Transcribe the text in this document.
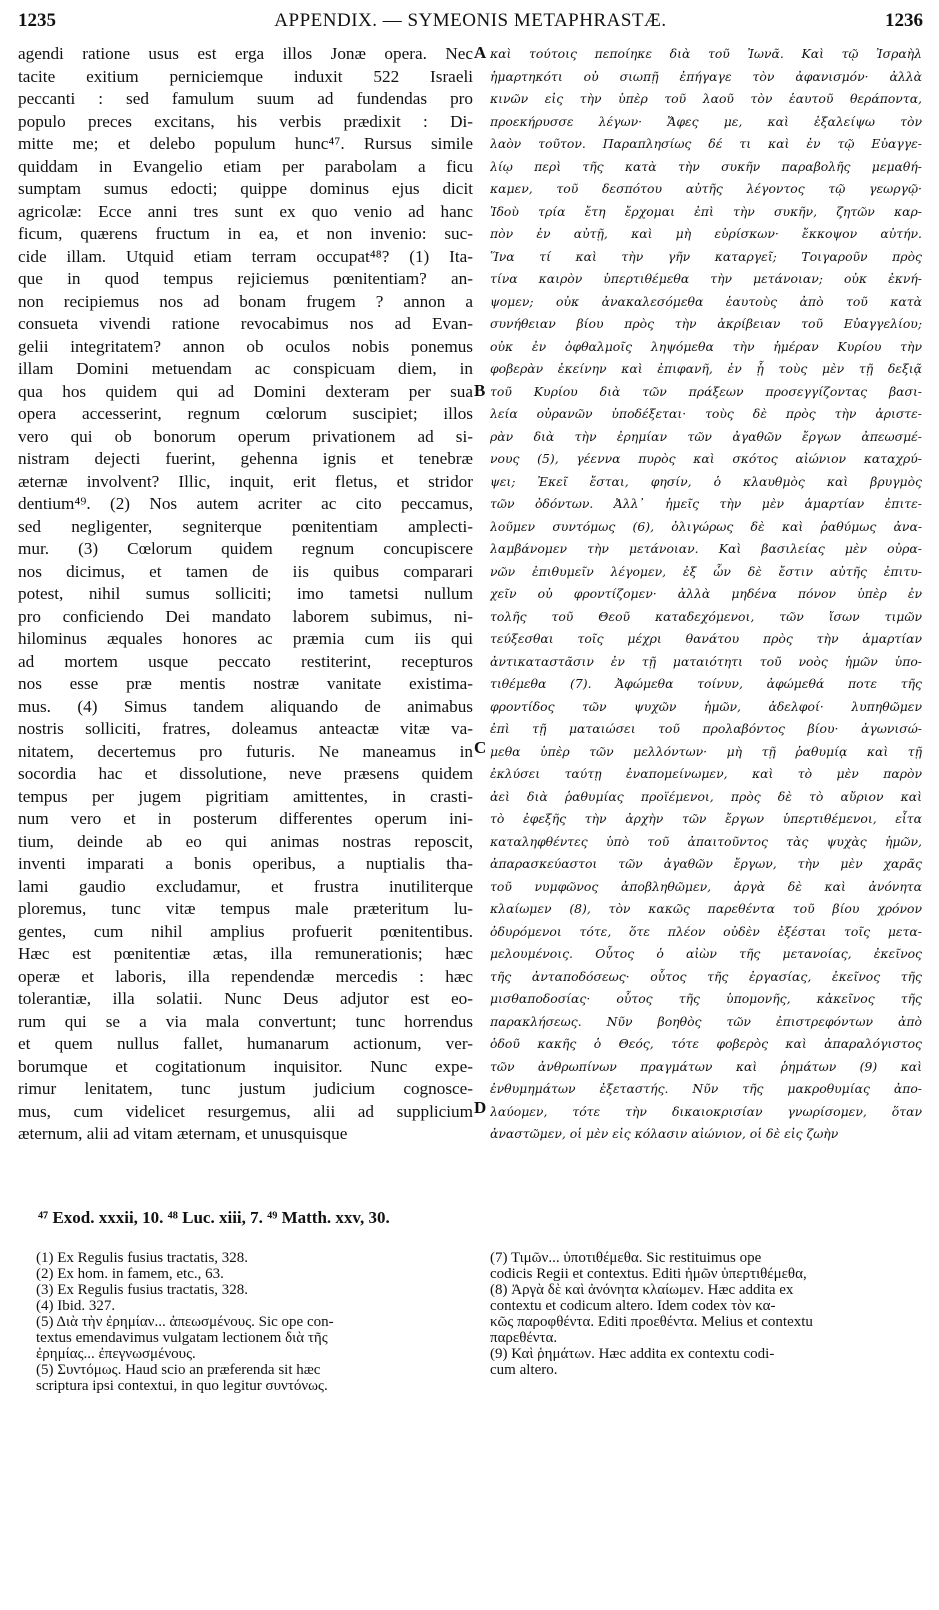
1235	APPENDIX. — SYMEONIS METAPHRASTÆ.	1236
agendi ratione usus est erga illos Jonæ opera. Nec
tacite exitium perniciemque induxit 522 Israeli
peccanti : sed famulum suum ad fundendas pro
populo preces excitans, his verbis prædixit : Di-
mitte me; et delebo populum hunc⁴⁷. Rursus simile
quiddam in Evangelio etiam per parabolam a ficu
sumptam sumus edocti; quippe dominus ejus dicit
agricolæ: Ecce anni tres sunt ex quo venio ad hanc
ficum, quærens fructum in ea, et non invenio: suc-
cide illam. Utquid etiam terram occupat⁴⁸? (1) Ita-
que in quod tempus rejiciemus pœnitentiam? an-
non recipiemus nos ad bonam frugem ? annon a
consueta vivendi ratione revocabimus nos ad Evan-
gelii integritatem? annon ob oculos nobis ponemus
illam Domini metuendam ac conspicuam diem, in
qua hos quidem qui ad Domini dexteram per sua
opera accesserint, regnum cœlorum suscipiet; illos
vero qui ob bonorum operum privationem ad si-
nistram dejecti fuerint, gehenna ignis et tenebræ
æternæ involvent? Illic, inquit, erit fletus, et stridor
dentium⁴⁹. (2) Nos autem acriter ac cito peccamus,
sed negligenter, segniterque pœnitentiam amplecti-
mur. (3) Cœlorum quidem regnum concupiscere
nos dicimus, et tamen de iis quibus comparari
potest, nihil sumus solliciti; imo tametsi nullum
pro conficiendo Dei mandato laborem subimus, ni-
hilominus æquales honores ac præmia cum iis qui
ad mortem usque peccato restiterint, recepturos
nos esse præ mentis nostræ vanitate existima-
mus. (4) Simus tandem aliquando de animabus
nostris solliciti, fratres, doleamus anteactæ vitæ va-
nitatem, decertemus pro futuris. Ne maneamus in
socordia hac et dissolutione, neve præsens quidem
tempus per jugem pigritiam amittentes, in crasti-
num vero et in posterum differentes operum ini-
tium, deinde ab eo qui animas nostras reposcit,
inventi imparati a bonis operibus, a nuptialis tha-
lami gaudio excludamur, et frustra inutiliterque
ploremus, tunc vitæ tempus male præteritum lu-
gentes, cum nihil amplius profuerit pœnitentibus.
Hæc est pœnitentiæ ætas, illa remunerationis; hæc
operæ et laboris, illa rependendæ mercedis : hæc
tolerantiæ, illa solatii. Nunc Deus adjutor est eo-
rum qui se a via mala convertunt; tunc horrendus
et quem nullus fallet, humanarum actionum, ver-
borumque et cogitationum inquisitor. Nunc expe-
rimur lenitatem, tunc justum judicium cognosce-
mus, cum videlicet resurgemus, alii ad supplicium
æternum, alii ad vitam æternam, et unusquisque
A
B
C
D
καὶ τούτοις πεποίηκε διὰ τοῦ Ἰωνᾶ. Καὶ τῷ Ἰσραὴλ
ἡμαρτηκότι οὐ σιωπῇ ἐπήγαγε τὸν ἀφανισμόν· ἀλλὰ
κινῶν εἰς τὴν ὑπὲρ τοῦ λαοῦ τὸν ἑαυτοῦ θεράποντα,
προεκήρυσσε λέγων· Ἄφες με, καὶ ἐξαλείψω τὸν
λαὸν τοῦτον. Παραπλησίως δέ τι καὶ ἐν τῷ Εὐαγγε-
λίῳ περὶ τῆς κατὰ τὴν συκῆν παραβολῆς μεμαθή-
καμεν, τοῦ δεσπότου αὐτῆς λέγοντος τῷ γεωργῷ·
Ἰδοὺ τρία ἔτη ἔρχομαι ἐπὶ τὴν συκῆν, ζητῶν καρ-
πὸν ἐν αὐτῇ, καὶ μὴ εὑρίσκων· ἔκκοψον αὐτήν.
Ἵνα τί καὶ τὴν γῆν καταργεῖ; Τοιγαροῦν πρὸς
τίνα καιρὸν ὑπερτιθέμεθα τὴν μετάνοιαν; οὐκ ἐκνή-
ψομεν; οὐκ ἀνακαλεσόμεθα ἑαυτοὺς ἀπὸ τοῦ κατὰ
συνήθειαν βίου πρὸς τὴν ἀκρίβειαν τοῦ Εὐαγγελίου;
οὐκ ἐν ὀφθαλμοῖς ληψόμεθα τὴν ἡμέραν Κυρίου τὴν
φοβερὰν ἐκείνην καὶ ἐπιφανῆ, ἐν ᾗ τοὺς μὲν τῇ δεξιᾷ
τοῦ Κυρίου διὰ τῶν πράξεων προσεγγίζοντας βασι-
λεία οὐρανῶν ὑποδέξεται· τοὺς δὲ πρὸς τὴν ἀριστε-
ρὰν διὰ τὴν ἐρημίαν τῶν ἀγαθῶν ἔργων ἀπεωσμέ-
νους (5), γέεννα πυρὸς καὶ σκότος αἰώνιον καταχρύ-
ψει; Ἐκεῖ ἔσται, φησίν, ὁ κλαυθμὸς καὶ βρυγμὸς
τῶν ὀδόντων. Ἀλλ᾽ ἡμεῖς τὴν μὲν ἁμαρτίαν ἐπιτε-
λοῦμεν συντόμως (6), ὀλιγώρως δὲ καὶ ῥαθύμως ἀνα-
λαμβάνομεν τὴν μετάνοιαν. Καὶ βασιλείας μὲν οὐρα-
νῶν ἐπιθυμεῖν λέγομεν, ἐξ ὧν δὲ ἔστιν αὐτῆς ἐπιτυ-
χεῖν οὐ φροντίζομεν· ἀλλὰ μηδένα πόνον ὑπὲρ ἐν
τολῆς τοῦ Θεοῦ καταδεχόμενοι, τῶν ἴσων τιμῶν
τεύξεσθαι τοῖς μέχρι θανάτου πρὸς τὴν ἁμαρτίαν
ἀντικαταστᾶσιν ἐν τῇ ματαιότητι τοῦ νοὸς ἡμῶν ὑπο-
τιθέμεθα (7). Ἀφώμεθα τοίνυν, ἀφώμεθά ποτε τῆς
φροντίδος τῶν ψυχῶν ἡμῶν, ἀδελφοί· λυπηθῶμεν
ἐπὶ τῇ ματαιώσει τοῦ προλαβόντος βίου· ἀγωνισώ-
μεθα ὑπὲρ τῶν μελλόντων· μὴ τῇ ῥαθυμίᾳ καὶ τῇ
ἐκλύσει ταύτῃ ἐναπομείνωμεν, καὶ τὸ μὲν παρὸν
ἀεὶ διὰ ῥαθυμίας προϊέμενοι, πρὸς δὲ τὸ αὔριον καὶ
τὸ ἐφεξῆς τὴν ἀρχὴν τῶν ἔργων ὑπερτιθέμενοι, εἶτα
καταληφθέντες ὑπὸ τοῦ ἀπαιτοῦντος τὰς ψυχὰς ἡμῶν,
ἀπαρασκεύαστοι τῶν ἀγαθῶν ἔργων, τὴν μὲν χαρᾶς
τοῦ νυμφῶνος ἀποβληθῶμεν, ἀργὰ δὲ καὶ ἀνόνητα
κλαίωμεν (8), τὸν κακῶς παρεθέντα τοῦ βίου χρόνον
ὀδυρόμενοι τότε, ὅτε πλέον οὐδὲν ἐξέσται τοῖς μετα-
μελουμένοις. Οὗτος ὁ αἰὼν τῆς μετανοίας, ἐκεῖνος
τῆς ἀνταποδόσεως· οὗτος τῆς ἐργασίας, ἐκεῖνος τῆς
μισθαποδοσίας· οὗτος τῆς ὑπομονῆς, κἀκεῖνος τῆς
παρακλήσεως. Νῦν βοηθὸς τῶν ἐπιστρεφόντων ἀπὸ
ὁδοῦ κακῆς ὁ Θεός, τότε φοβερὸς καὶ ἀπαραλόγιστος
τῶν ἀνθρωπίνων πραγμάτων καὶ ῥημάτων (9) καὶ
ἐνθυμημάτων ἐξεταστής. Νῦν τῆς μακροθυμίας ἀπο-
λαύομεν, τότε τὴν δικαιοκρισίαν γνωρίσομεν, ὅταν
ἀναστῶμεν, οἱ μὲν εἰς κόλασιν αἰώνιον, οἱ δὲ εἰς ζωὴν
⁴⁷ Exod. xxxii, 10. ⁴⁸ Luc. xiii, 7. ⁴⁹ Matth. xxv, 30.
(1) Ex Regulis fusius tractatis, 328.
(2) Ex hom. in famem, etc., 63.
(3) Ex Regulis fusius tractatis, 328.
(4) Ibid. 327.
(5) Διὰ τὴν ἐρημίαν... ἀπεωσμένους. Sic ope con-
textus emendavimus vulgatam lectionem διὰ τῆς
ἐρημίας... ἐπεγνωσμένους.
(5) Συντόμως. Haud scio an præferenda sit hæc
scriptura ipsi contextui, in quo legitur συντόνως.
(7) Τιμῶν... ὑποτιθέμεθα. Sic restituimus ope
codicis Regii et contextus. Editi ἡμῶν ὑπερτιθέμεθα,
(8) Ἀργὰ δὲ καὶ ἀνόνητα κλαίωμεν. Hæc addita ex
contextu et codicum altero. Idem codex τὸν κα-
κῶς παροφθέντα. Editi προεθέντα. Melius et contextu
παρεθέντα.
(9) Καὶ ῥημάτων. Hæc addita ex contextu codi-
cum altero.
